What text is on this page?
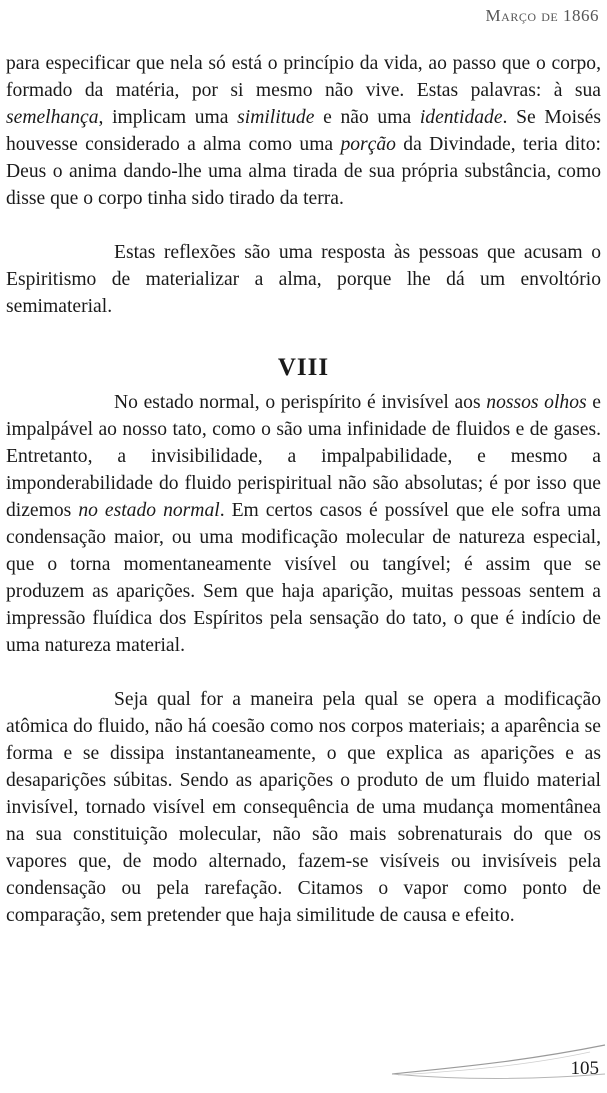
Março de 1866

para especificar que nela só está o princípio da vida, ao passo que o corpo, formado da matéria, por si mesmo não vive. Estas palavras: à sua semelhança, implicam uma similitude e não uma identidade. Se Moisés houvesse considerado a alma como uma porção da Divindade, teria dito: Deus o anima dando-lhe uma alma tirada de sua própria substância, como disse que o corpo tinha sido tirado da terra.

Estas reflexões são uma resposta às pessoas que acusam o Espiritismo de materializar a alma, porque lhe dá um envoltório semimaterial.

VIII

No estado normal, o perispírito é invisível aos nossos olhos e impalpável ao nosso tato, como o são uma infinidade de fluidos e de gases. Entretanto, a invisibilidade, a impalpabilidade, e mesmo a imponderabilidade do fluido perispiritual não são absolutas; é por isso que dizemos no estado normal. Em certos casos é possível que ele sofra uma condensação maior, ou uma modificação molecular de natureza especial, que o torna momentaneamente visível ou tangível; é assim que se produzem as aparições. Sem que haja aparição, muitas pessoas sentem a impressão fluídica dos Espíritos pela sensação do tato, o que é indício de uma natureza material.

Seja qual for a maneira pela qual se opera a modificação atômica do fluido, não há coesão como nos corpos materiais; a aparência se forma e se dissipa instantaneamente, o que explica as aparições e as desaparições súbitas. Sendo as aparições o produto de um fluido material invisível, tornado visível em consequência de uma mudança momentânea na sua constituição molecular, não são mais sobrenaturais do que os vapores que, de modo alternado, fazem-se visíveis ou invisíveis pela condensação ou pela rarefação. Citamos o vapor como ponto de comparação, sem pretender que haja similitude de causa e efeito.

105
